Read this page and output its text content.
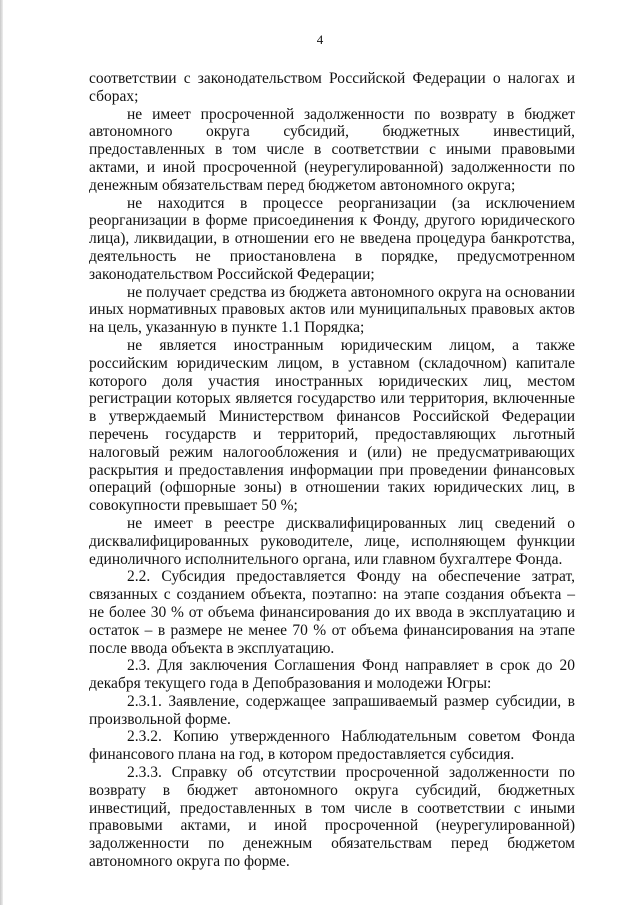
4

соответствии с законодательством Российской Федерации о налогах и сборах;

не имеет просроченной задолженности по возврату в бюджет автономного округа субсидий, бюджетных инвестиций, предоставленных в том числе в соответствии с иными правовыми актами, и иной просроченной (неурегулированной) задолженности по денежным обязательствам перед бюджетом автономного округа;

не находится в процессе реорганизации (за исключением реорганизации в форме присоединения к Фонду, другого юридического лица), ликвидации, в отношении его не введена процедура банкротства, деятельность не приостановлена в порядке, предусмотренном законодательством Российской Федерации;

не получает средства из бюджета автономного округа на основании иных нормативных правовых актов или муниципальных правовых актов на цель, указанную в пункте 1.1 Порядка;

не является иностранным юридическим лицом, а также российским юридическим лицом, в уставном (складочном) капитале которого доля участия иностранных юридических лиц, местом регистрации которых является государство или территория, включенные в утверждаемый Министерством финансов Российской Федерации перечень государств и территорий, предоставляющих льготный налоговый режим налогообложения и (или) не предусматривающих раскрытия и предоставления информации при проведении финансовых операций (офшорные зоны) в отношении таких юридических лиц, в совокупности превышает 50 %;

не имеет в реестре дисквалифицированных лиц сведений о дисквалифицированных руководителе, лице, исполняющем функции единоличного исполнительного органа, или главном бухгалтере Фонда.

2.2. Субсидия предоставляется Фонду на обеспечение затрат, связанных с созданием объекта, поэтапно: на этапе создания объекта – не более 30 % от объема финансирования до их ввода в эксплуатацию и остаток – в размере не менее 70 % от объема финансирования на этапе после ввода объекта в эксплуатацию.

2.3. Для заключения Соглашения Фонд направляет в срок до 20 декабря текущего года в Депобразования и молодежи Югры:

2.3.1. Заявление, содержащее запрашиваемый размер субсидии, в произвольной форме.

2.3.2. Копию утвержденного Наблюдательным советом Фонда финансового плана на год, в котором предоставляется субсидия.

2.3.3. Справку об отсутствии просроченной задолженности по возврату в бюджет автономного округа субсидий, бюджетных инвестиций, предоставленных в том числе в соответствии с иными правовыми актами, и иной просроченной (неурегулированной) задолженности по денежным обязательствам перед бюджетом автономного округа по форме.
